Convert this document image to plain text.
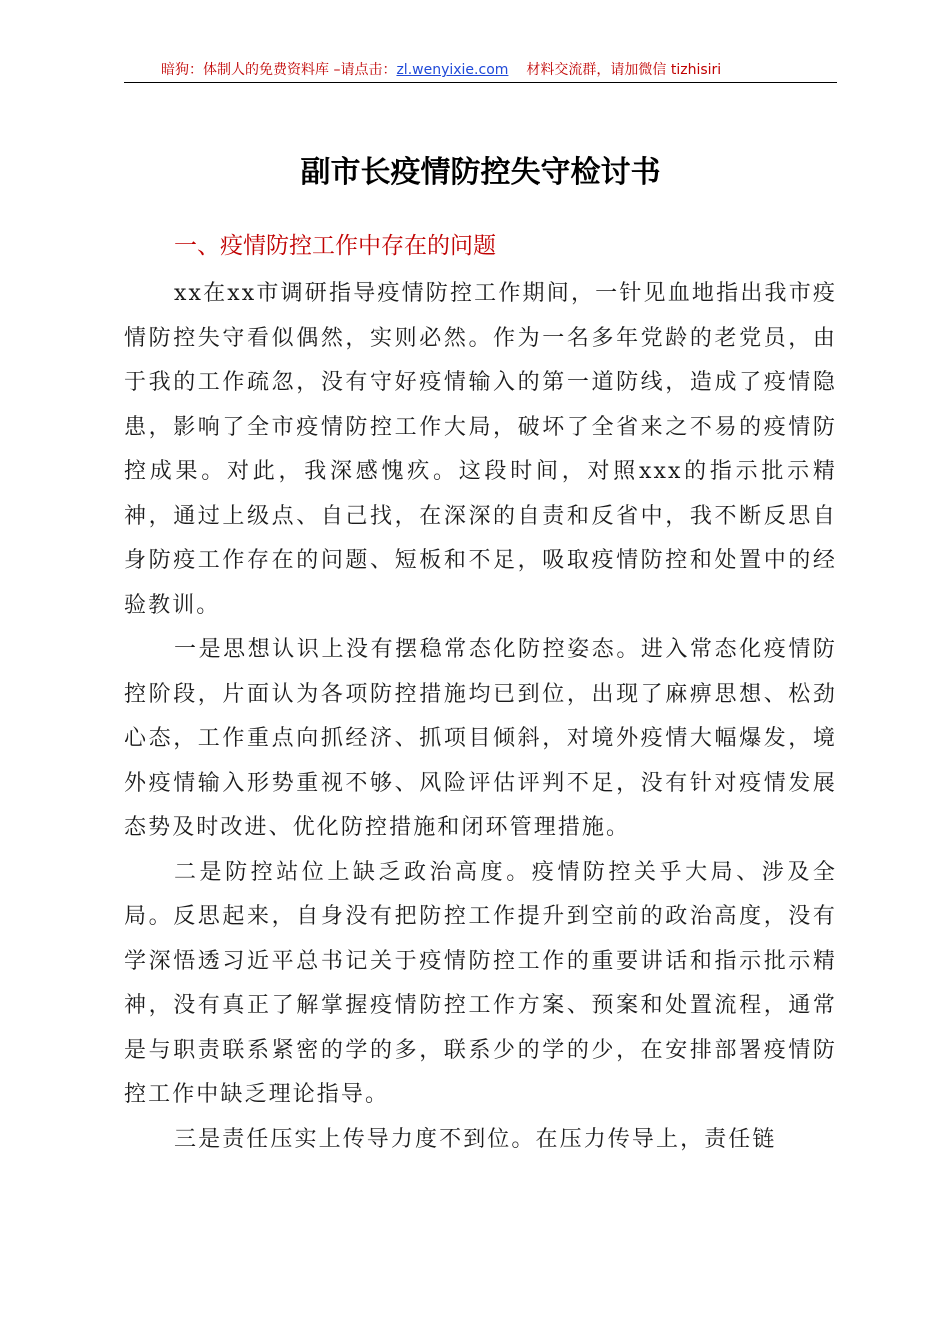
暗狗：体制人的免费资料库 –请点击：zl.wenyixie.com 材料交流群，请加微信 tizhisiri
副市长疫情防控失守检讨书
一、疫情防控工作中存在的问题

xx在xx市调研指导疫情防控工作期间，一针见血地指出我市疫情防控失守看似偶然，实则必然。作为一名多年党龄的老党员，由于我的工作疏忽，没有守好疫情输入的第一道防线，造成了疫情隐患，影响了全市疫情防控工作大局，破坏了全省来之不易的疫情防控成果。对此，我深感愧疚。这段时间，对照xxx的指示批示精神，通过上级点、自己找，在深深的自责和反省中，我不断反思自身防疫工作存在的问题、短板和不足，吸取疫情防控和处置中的经验教训。

一是思想认识上没有摆稳常态化防控姿态。进入常态化疫情防控阶段，片面认为各项防控措施均已到位，出现了麻痹思想、松劲心态，工作重点向抓经济、抓项目倾斜，对境外疫情大幅爆发，境外疫情输入形势重视不够、风险评估评判不足，没有针对疫情发展态势及时改进、优化防控措施和闭环管理措施。

二是防控站位上缺乏政治高度。疫情防控关乎大局、涉及全局。反思起来，自身没有把防控工作提升到空前的政治高度，没有学深悟透习近平总书记关于疫情防控工作的重要讲话和指示批示精神，没有真正了解掌握疫情防控工作方案、预案和处置流程，通常是与职责联系紧密的学的多，联系少的学的少，在安排部署疫情防控工作中缺乏理论指导。

三是责任压实上传导力度不到位。在压力传导上，责任链
